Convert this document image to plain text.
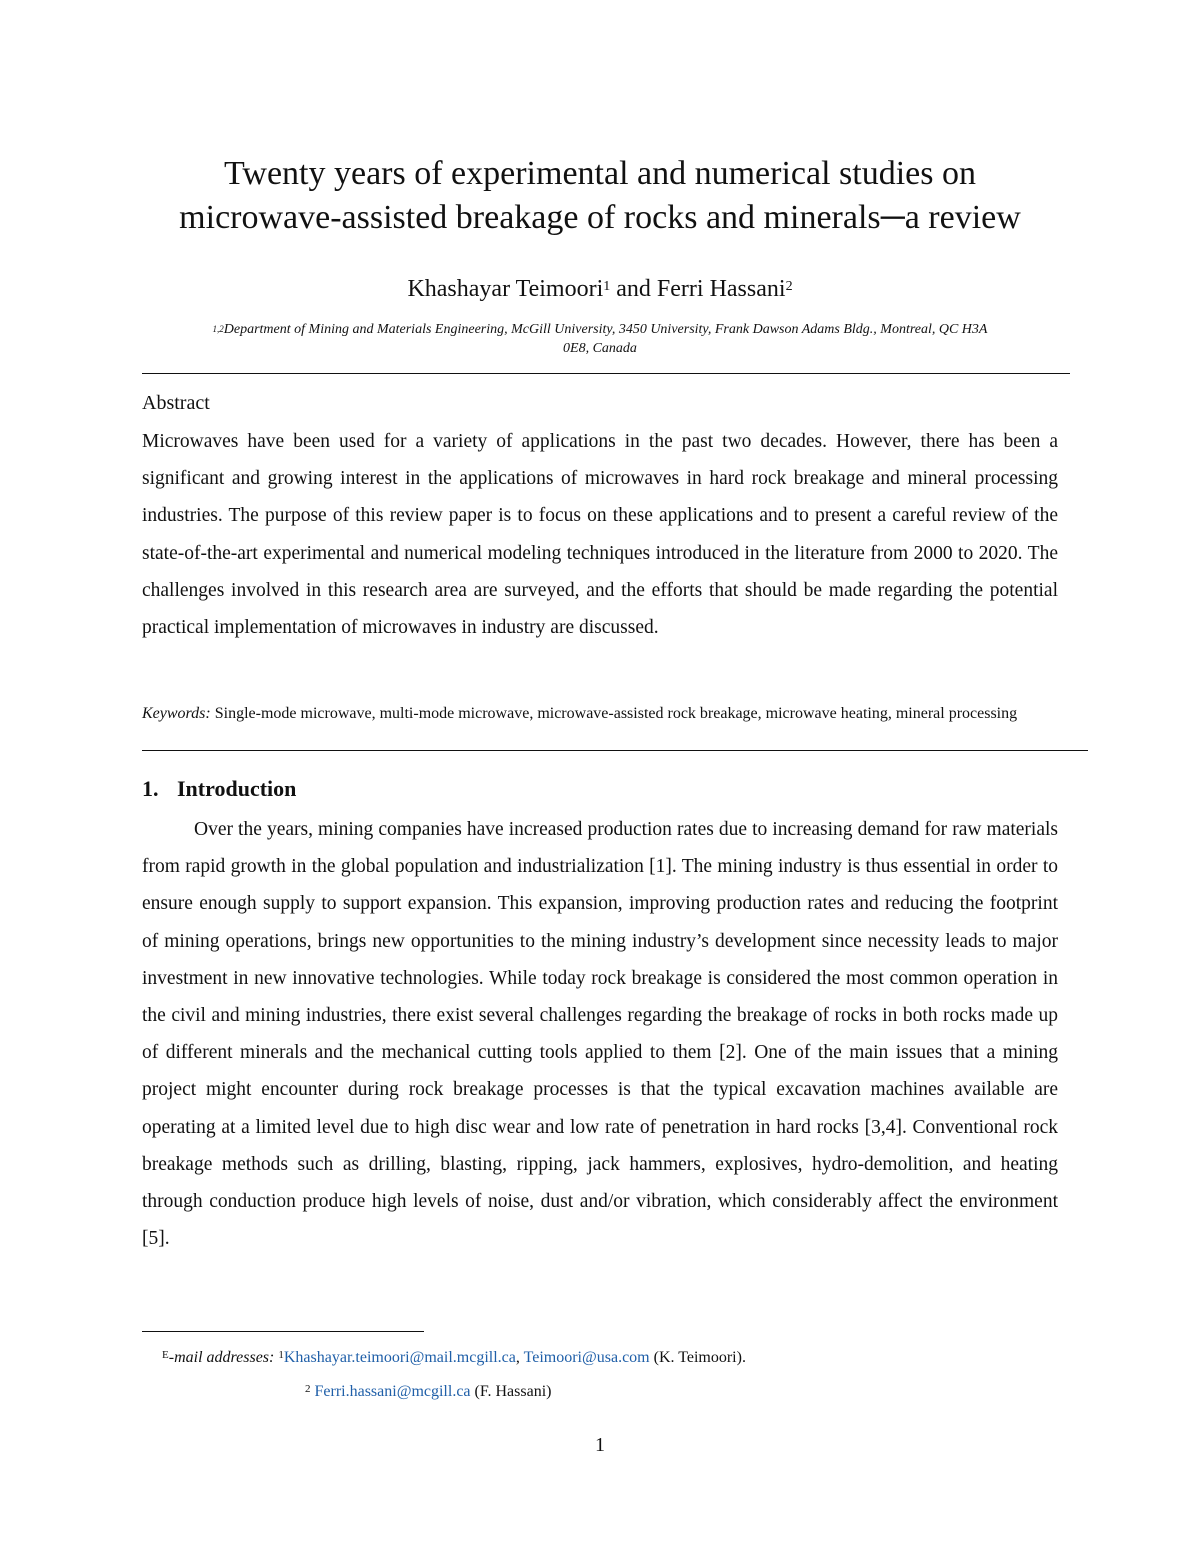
Twenty years of experimental and numerical studies on
microwave-assisted breakage of rocks and minerals─a review
Khashayar Teimoori$^1$ and Ferri Hassani$^2$
$^{1,2}$Department of Mining and Materials Engineering, McGill University, 3450 University, Frank Dawson Adams Bldg., Montreal, QC H3A
0E8, Canada
Abstract

Microwaves have been used for a variety of applications in the past two decades. However, there has been a significant and growing interest in the applications of microwaves in hard rock breakage and mineral processing industries. The purpose of this review paper is to focus on these applications and to present a careful review of the state-of-the-art experimental and numerical modeling techniques introduced in the literature from 2000 to 2020. The challenges involved in this research area are surveyed, and the efforts that should be made regarding the potential practical implementation of microwaves in industry are discussed.

Keywords: Single-mode microwave, multi-mode microwave, microwave-assisted rock breakage, microwave heating, mineral processing
1. Introduction

Over the years, mining companies have increased production rates due to increasing demand for raw materials from rapid growth in the global population and industrialization [1]. The mining industry is thus essential in order to ensure enough supply to support expansion. This expansion, improving production rates and reducing the footprint of mining operations, brings new opportunities to the mining industry’s development since necessity leads to major investment in new innovative technologies. While today rock breakage is considered the most common operation in the civil and mining industries, there exist several challenges regarding the breakage of rocks in both rocks made up of different minerals and the mechanical cutting tools applied to them [2]. One of the main issues that a mining project might encounter during rock breakage processes is that the typical excavation machines available are operating at a limited level due to high disc wear and low rate of penetration in hard rocks [3,4]. Conventional rock breakage methods such as drilling, blasting, ripping, jack hammers, explosives, hydro-demolition, and heating through conduction produce high levels of noise, dust and/or vibration, which considerably affect the environment [5].

$^E$-mail addresses: $^1$Khashayar.teimoori@mail.mcgill.ca, Teimoori@usa.com (K. Teimoori).
$^2$ Ferri.hassani@mcgill.ca (F. Hassani)
1
